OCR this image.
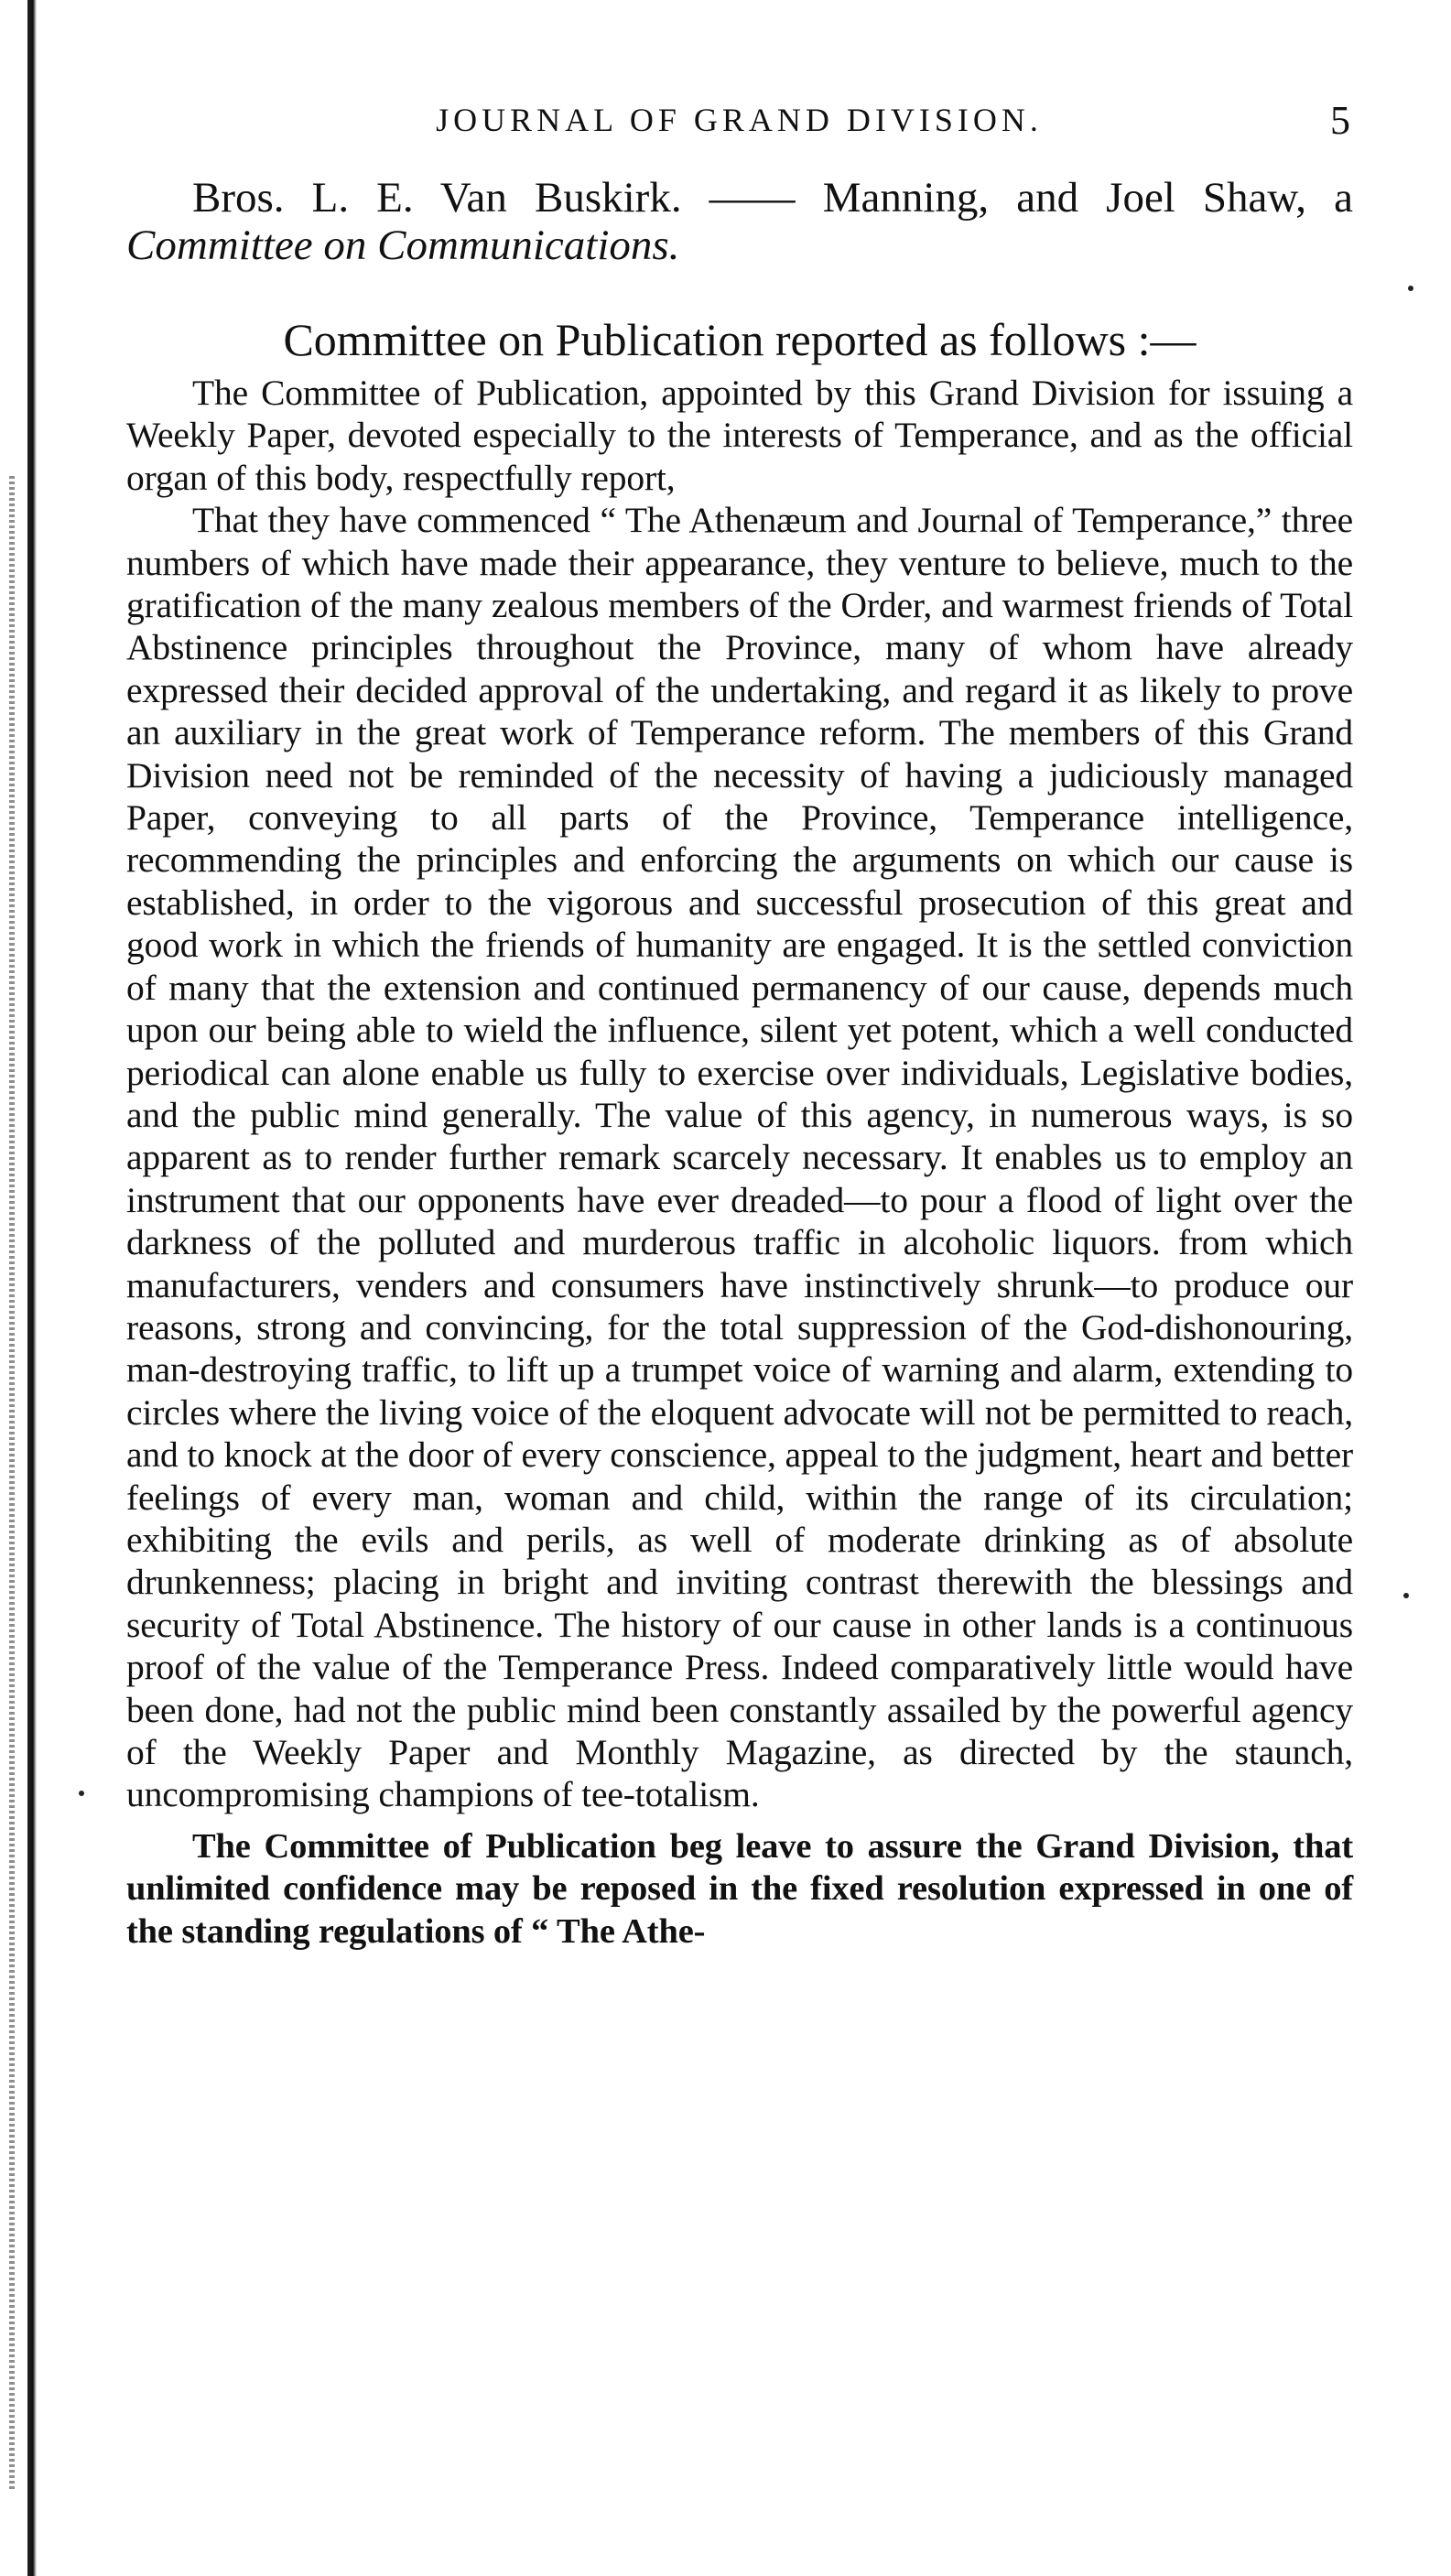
JOURNAL OF GRAND DIVISION.	5

Bros. L. E. Van Buskirk. —— Manning, and Joel Shaw, a Committee on Communications.

Committee on Publication reported as follows :—

The Committee of Publication, appointed by this Grand Division for issuing a Weekly Paper, devoted especially to the interests of Temperance, and as the official organ of this body, respectfully report,

That they have commenced “ The Athenæum and Journal of Temperance,” three numbers of which have made their appearance, they venture to believe, much to the gratification of the many zealous members of the Order, and warmest friends of Total Abstinence principles throughout the Province, many of whom have already expressed their decided approval of the undertaking, and regard it as likely to prove an auxiliary in the great work of Temperance reform. The members of this Grand Division need not be reminded of the necessity of having a judiciously managed Paper, conveying to all parts of the Province, Temperance intelligence, recommending the principles and enforcing the arguments on which our cause is established, in order to the vigorous and successful prosecution of this great and good work in which the friends of humanity are engaged. It is the settled conviction of many that the extension and continued permanency of our cause, depends much upon our being able to wield the influence, silent yet potent, which a well conducted periodical can alone enable us fully to exercise over individuals, Legislative bodies, and the public mind generally. The value of this agency, in numerous ways, is so apparent as to render further remark scarcely necessary. It enables us to employ an instrument that our opponents have ever dreaded—to pour a flood of light over the darkness of the polluted and murderous traffic in alcoholic liquors. from which manufacturers, venders and consumers have instinctively shrunk—to produce our reasons, strong and convincing, for the total suppression of the God-dishonouring, man-destroying traffic, to lift up a trumpet voice of warning and alarm, extending to circles where the living voice of the eloquent advocate will not be permitted to reach, and to knock at the door of every conscience, appeal to the judgment, heart and better feelings of every man, woman and child, within the range of its circulation; exhibiting the evils and perils, as well of moderate drinking as of absolute drunkenness; placing in bright and inviting contrast therewith the blessings and security of Total Abstinence. The history of our cause in other lands is a continuous proof of the value of the Temperance Press. Indeed comparatively little would have been done, had not the public mind been constantly assailed by the powerful agency of the Weekly Paper and Monthly Magazine, as directed by the staunch, uncompromising champions of tee-totalism.

The Committee of Publication beg leave to assure the Grand Division, that unlimited confidence may be reposed in the fixed resolution expressed in one of the standing regulations of “ The Athe-
